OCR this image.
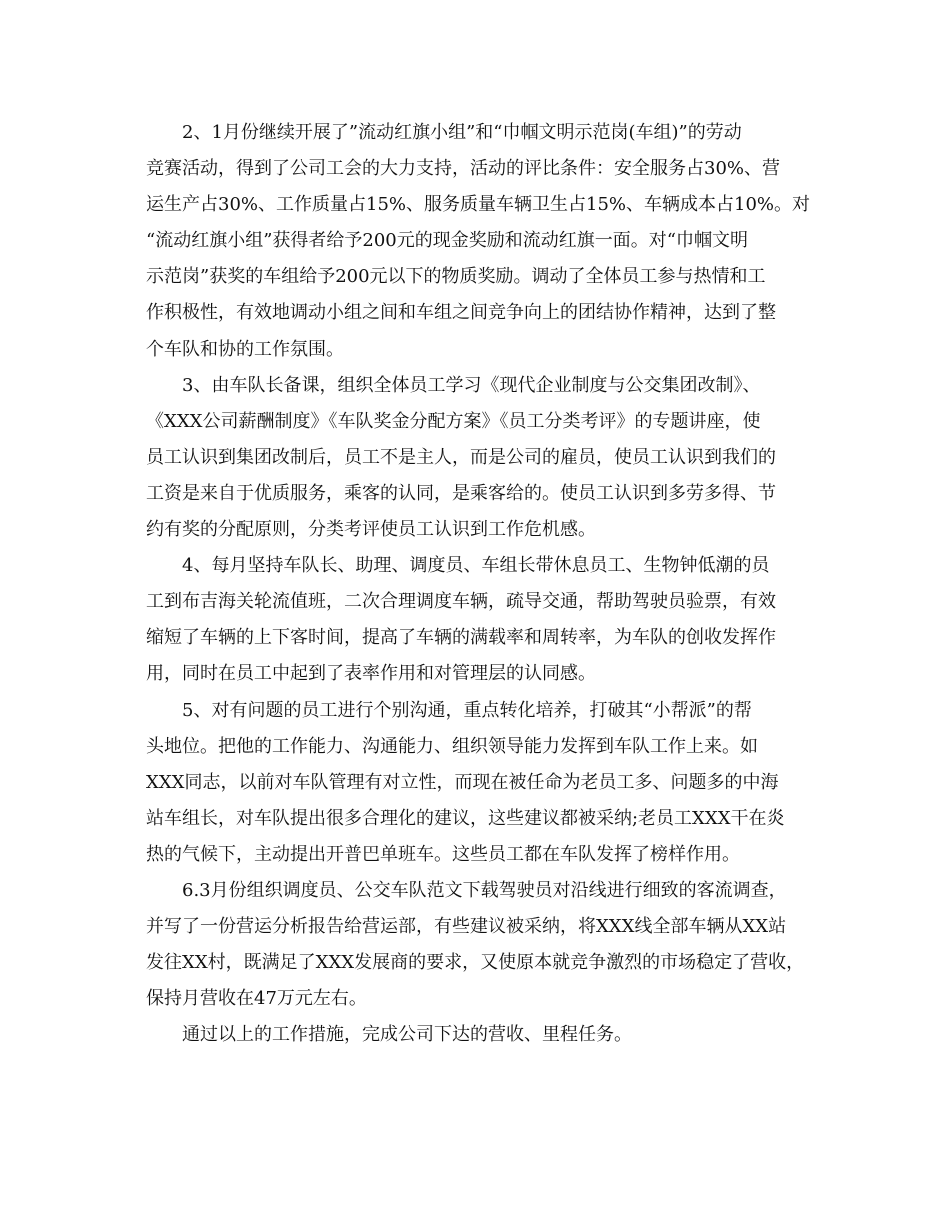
2、1月份继续开展了”流动红旗小组”和“巾帼文明示范岗(车组)”的劳动
竞赛活动，得到了公司工会的大力支持，活动的评比条件：安全服务占30%、营
运生产占30%、工作质量占15%、服务质量车辆卫生占15%、车辆成本占10%。对
“流动红旗小组”获得者给予200元的现金奖励和流动红旗一面。对“巾帼文明
示范岗”获奖的车组给予200元以下的物质奖励。调动了全体员工参与热情和工
作积极性，有效地调动小组之间和车组之间竞争向上的团结协作精神，达到了整
个车队和协的工作氛围。
3、由车队长备课，组织全体员工学习《现代企业制度与公交集团改制》、
《XXX公司薪酬制度》《车队奖金分配方案》《员工分类考评》的专题讲座，使
员工认识到集团改制后，员工不是主人，而是公司的雇员，使员工认识到我们的
工资是来自于优质服务，乘客的认同，是乘客给的。使员工认识到多劳多得、节
约有奖的分配原则，分类考评使员工认识到工作危机感。
4、每月坚持车队长、助理、调度员、车组长带休息员工、生物钟低潮的员
工到布吉海关轮流值班，二次合理调度车辆，疏导交通，帮助驾驶员验票，有效
缩短了车辆的上下客时间，提高了车辆的满载率和周转率，为车队的创收发挥作
用，同时在员工中起到了表率作用和对管理层的认同感。
5、对有问题的员工进行个别沟通，重点转化培养，打破其“小帮派”的帮
头地位。把他的工作能力、沟通能力、组织领导能力发挥到车队工作上来。如
XXX同志，以前对车队管理有对立性，而现在被任命为老员工多、问题多的中海
站车组长，对车队提出很多合理化的建议，这些建议都被采纳;老员工XXX干在炎
热的气候下，主动提出开普巴单班车。这些员工都在车队发挥了榜样作用。
6.3月份组织调度员、公交车队范文下载驾驶员对沿线进行细致的客流调查，
并写了一份营运分析报告给营运部，有些建议被采纳，将XXX线全部车辆从XX站
发往XX村，既满足了XXX发展商的要求，又使原本就竞争激烈的市场稳定了营收，
保持月营收在47万元左右。
通过以上的工作措施，完成公司下达的营收、里程任务。
